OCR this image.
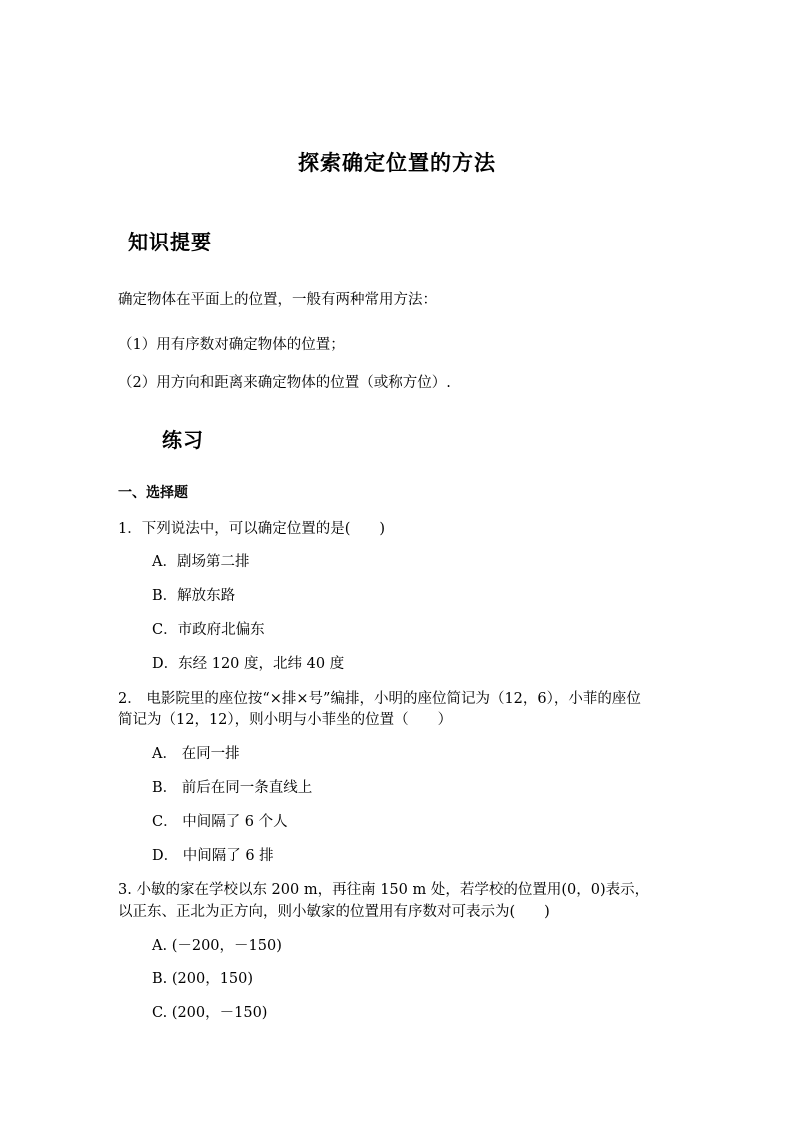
探索确定位置的方法
知识提要
确定物体在平面上的位置，一般有两种常用方法：
（1）用有序数对确定物体的位置；
（2）用方向和距离来确定物体的位置（或称方位）.
练习
一、选择题
1．下列说法中，可以确定位置的是(　　)
A．剧场第二排
B．解放东路
C．市政府北偏东
D．东经 120 度，北纬 40 度
2． 电影院里的座位按“×排×号”编排，小明的座位简记为（12，6），小菲的座位
简记为（12，12），则小明与小菲坐的位置（　　）
A． 在同一排
B． 前后在同一条直线上
C． 中间隔了 6 个人
D． 中间隔了 6 排
3. 小敏的家在学校以东 200 m，再往南 150 m 处，若学校的位置用(0，0)表示，
以正东、正北为正方向，则小敏家的位置用有序数对可表示为(　　)
A. (－200，－150)
B. (200，150)
C. (200，－150)
